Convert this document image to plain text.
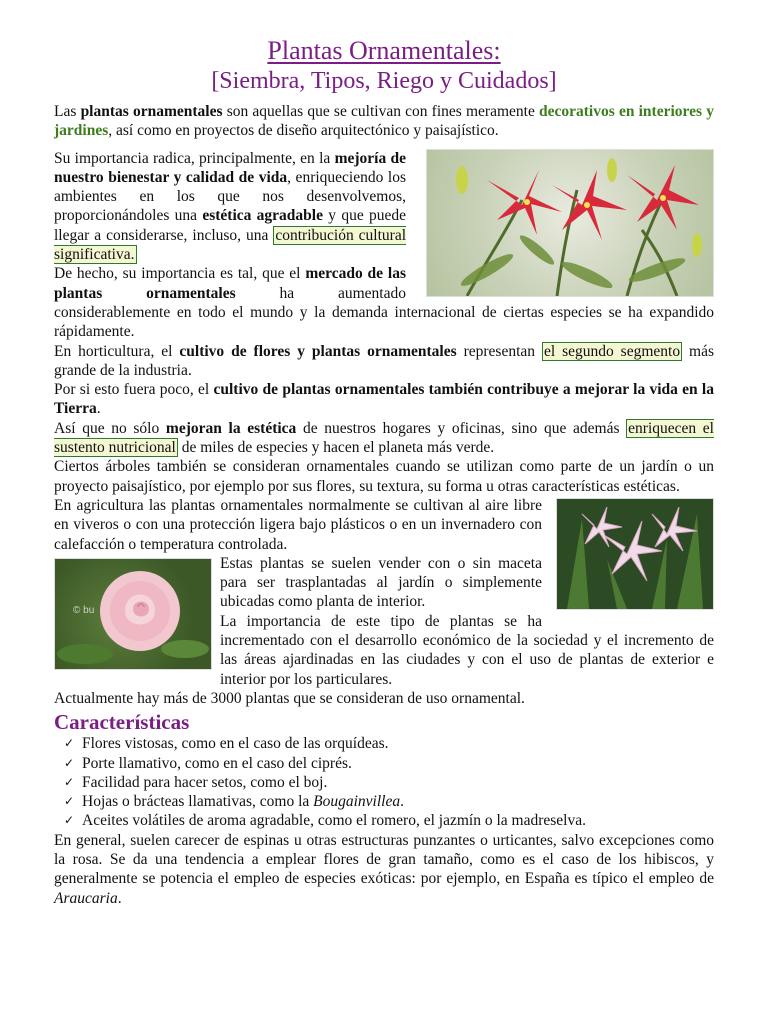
Plantas Ornamentales:
[Siembra, Tipos, Riego y Cuidados]

Las plantas ornamentales son aquellas que se cultivan con fines meramente decorativos en interiores y jardines, así como en proyectos de diseño arquitectónico y paisajístico.

Su importancia radica, principalmente, en la mejoría de nuestro bienestar y calidad de vida, enriqueciendo los ambientes en los que nos desenvolvemos, proporcionándoles una estética agradable y que puede llegar a considerarse, incluso, una contribución cultural significativa.

De hecho, su importancia es tal, que el mercado de las plantas ornamentales ha aumentado considerablemente en todo el mundo y la demanda internacional de ciertas especies se ha expandido rápidamente.

En horticultura, el cultivo de flores y plantas ornamentales representan el segundo segmento más grande de la industria.

Por si esto fuera poco, el cultivo de plantas ornamentales también contribuye a mejorar la vida en la Tierra.

Así que no sólo mejoran la estética de nuestros hogares y oficinas, sino que además enriquecen el sustento nutricional de miles de especies y hacen el planeta más verde.

Ciertos árboles también se consideran ornamentales cuando se utilizan como parte de un jardín o un proyecto paisajístico, por ejemplo por sus flores, su textura, su forma u otras características estéticas.

En agricultura las plantas ornamentales normalmente se cultivan al aire libre en viveros o con una protección ligera bajo plásticos o en un invernadero con calefacción o temperatura controlada.

© bu

Estas plantas se suelen vender con o sin maceta para ser trasplantadas al jardín o simplemente ubicadas como planta de interior.

La importancia de este tipo de plantas se ha incrementado con el desarrollo económico de la sociedad y el incremento de las áreas ajardinadas en las ciudades y con el uso de plantas de exterior e interior por los particulares.

Actualmente hay más de 3000 plantas que se consideran de uso ornamental.

Características
✓ Flores vistosas, como en el caso de las orquídeas.
✓ Porte llamativo, como en el caso del ciprés.
✓ Facilidad para hacer setos, como el boj.
✓ Hojas o brácteas llamativas, como la Bougainvillea.
✓ Aceites volátiles de aroma agradable, como el romero, el jazmín o la madreselva.

En general, suelen carecer de espinas u otras estructuras punzantes o urticantes, salvo excepciones como la rosa. Se da una tendencia a emplear flores de gran tamaño, como es el caso de los hibiscos, y generalmente se potencia el empleo de especies exóticas: por ejemplo, en España es típico el empleo de Araucaria.
